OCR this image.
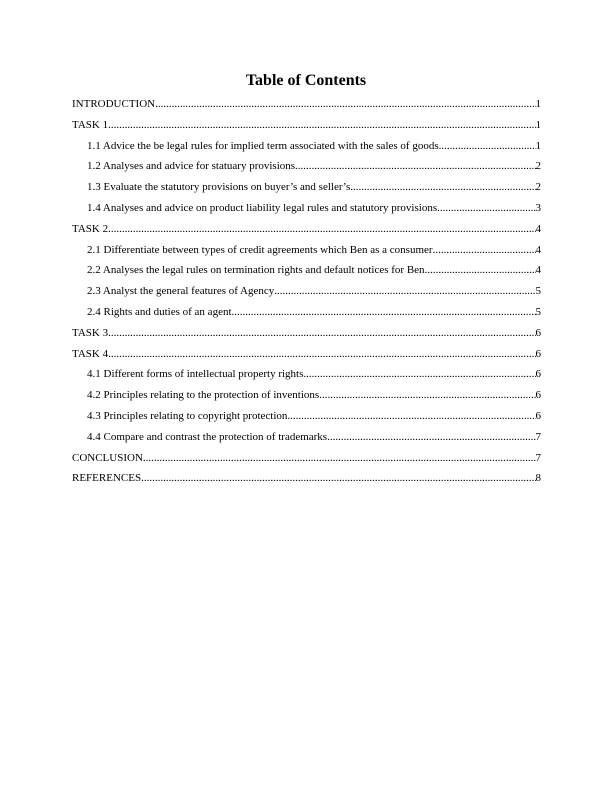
Table of Contents
INTRODUCTION .....	1
TASK 1 .....	1
1.1 Advice the be legal rules for implied term associated with the sales of goods .....	1
1.2 Analyses and advice for statuary provisions .....	2
1.3 Evaluate the statutory provisions on buyer’s and seller’s .....	2
1.4 Analyses and advice on product liability legal rules and statutory provisions .....	3
TASK 2 .....	4
2.1 Differentiate between types of credit agreements which Ben as a consumer .....	4
2.2 Analyses the legal rules on termination rights and default notices for Ben .....	4
2.3 Analyst the general features of Agency .....	5
2.4 Rights and duties of an agent .....	5
TASK 3 .....	6
TASK 4 .....	6
4.1 Different forms of intellectual property rights .....	6
4.2 Principles relating to the protection of inventions .....	6
4.3 Principles relating to copyright protection .....	6
4.4 Compare and contrast the protection of trademarks .....	7
CONCLUSION .....	7
REFERENCES .....	8
